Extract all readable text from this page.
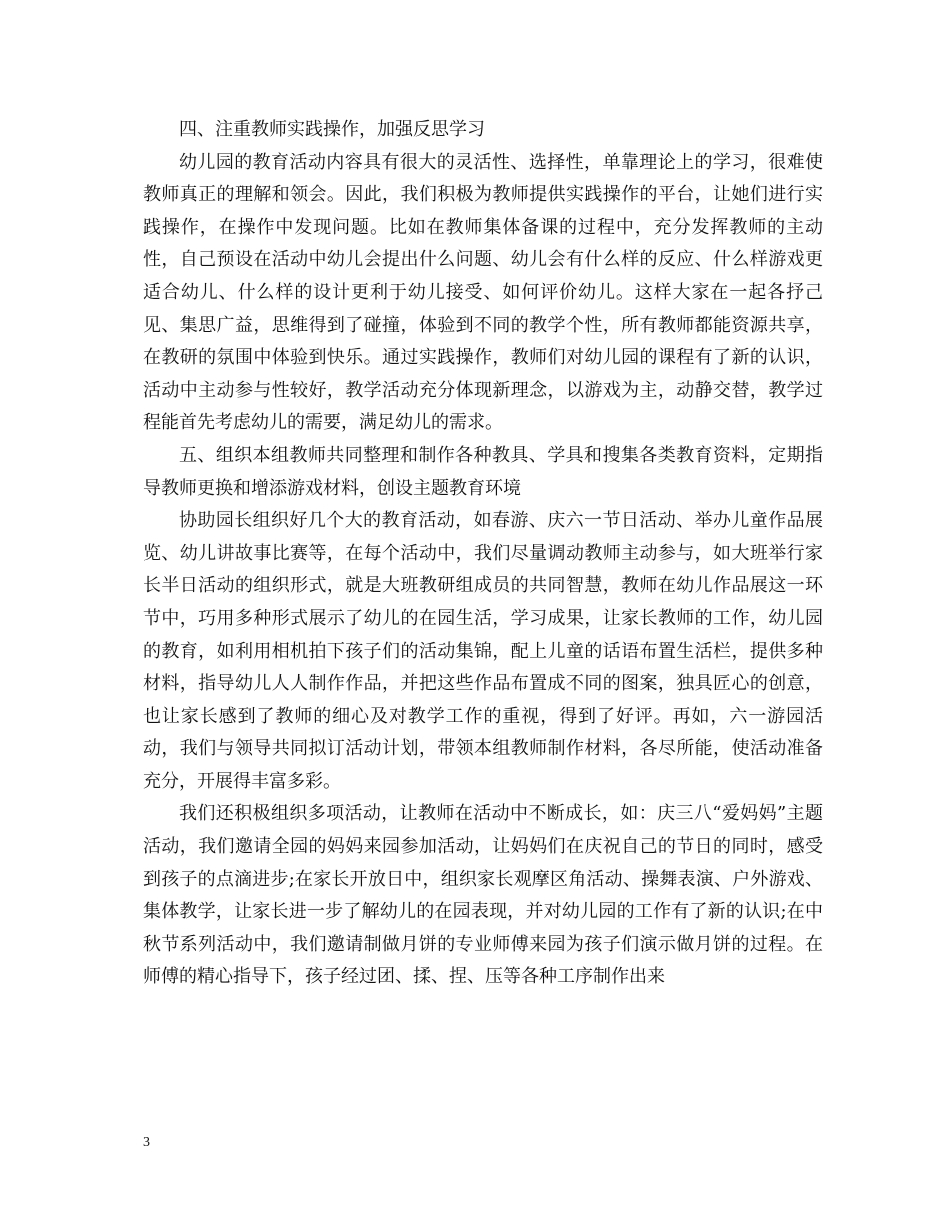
四、注重教师实践操作，加强反思学习

幼儿园的教育活动内容具有很大的灵活性、选择性，单靠理论上的学习，很难使教师真正的理解和领会。因此，我们积极为教师提供实践操作的平台，让她们进行实践操作，在操作中发现问题。比如在教师集体备课的过程中，充分发挥教师的主动性，自己预设在活动中幼儿会提出什么问题、幼儿会有什么样的反应、什么样游戏更适合幼儿、什么样的设计更利于幼儿接受、如何评价幼儿。这样大家在一起各抒己见、集思广益，思维得到了碰撞，体验到不同的教学个性，所有教师都能资源共享，在教研的氛围中体验到快乐。通过实践操作，教师们对幼儿园的课程有了新的认识，活动中主动参与性较好，教学活动充分体现新理念，以游戏为主，动静交替，教学过程能首先考虑幼儿的需要，满足幼儿的需求。

五、组织本组教师共同整理和制作各种教具、学具和搜集各类教育资料，定期指导教师更换和增添游戏材料，创设主题教育环境

协助园长组织好几个大的教育活动，如春游、庆六一节日活动、举办儿童作品展览、幼儿讲故事比赛等，在每个活动中，我们尽量调动教师主动参与，如大班举行家长半日活动的组织形式，就是大班教研组成员的共同智慧，教师在幼儿作品展这一环节中，巧用多种形式展示了幼儿的在园生活，学习成果，让家长教师的工作，幼儿园的教育，如利用相机拍下孩子们的活动集锦，配上儿童的话语布置生活栏，提供多种材料，指导幼儿人人制作作品，并把这些作品布置成不同的图案，独具匠心的创意，也让家长感到了教师的细心及对教学工作的重视，得到了好评。再如，六一游园活动，我们与领导共同拟订活动计划，带领本组教师制作材料，各尽所能，使活动准备充分，开展得丰富多彩。

我们还积极组织多项活动，让教师在活动中不断成长，如：庆三八“爱妈妈”主题活动，我们邀请全园的妈妈来园参加活动，让妈妈们在庆祝自己的节日的同时，感受到孩子的点滴进步;在家长开放日中，组织家长观摩区角活动、操舞表演、户外游戏、集体教学，让家长进一步了解幼儿的在园表现，并对幼儿园的工作有了新的认识;在中秋节系列活动中，我们邀请制做月饼的专业师傅来园为孩子们演示做月饼的过程。在师傅的精心指导下，孩子经过团、揉、捏、压等各种工序制作出来

3
